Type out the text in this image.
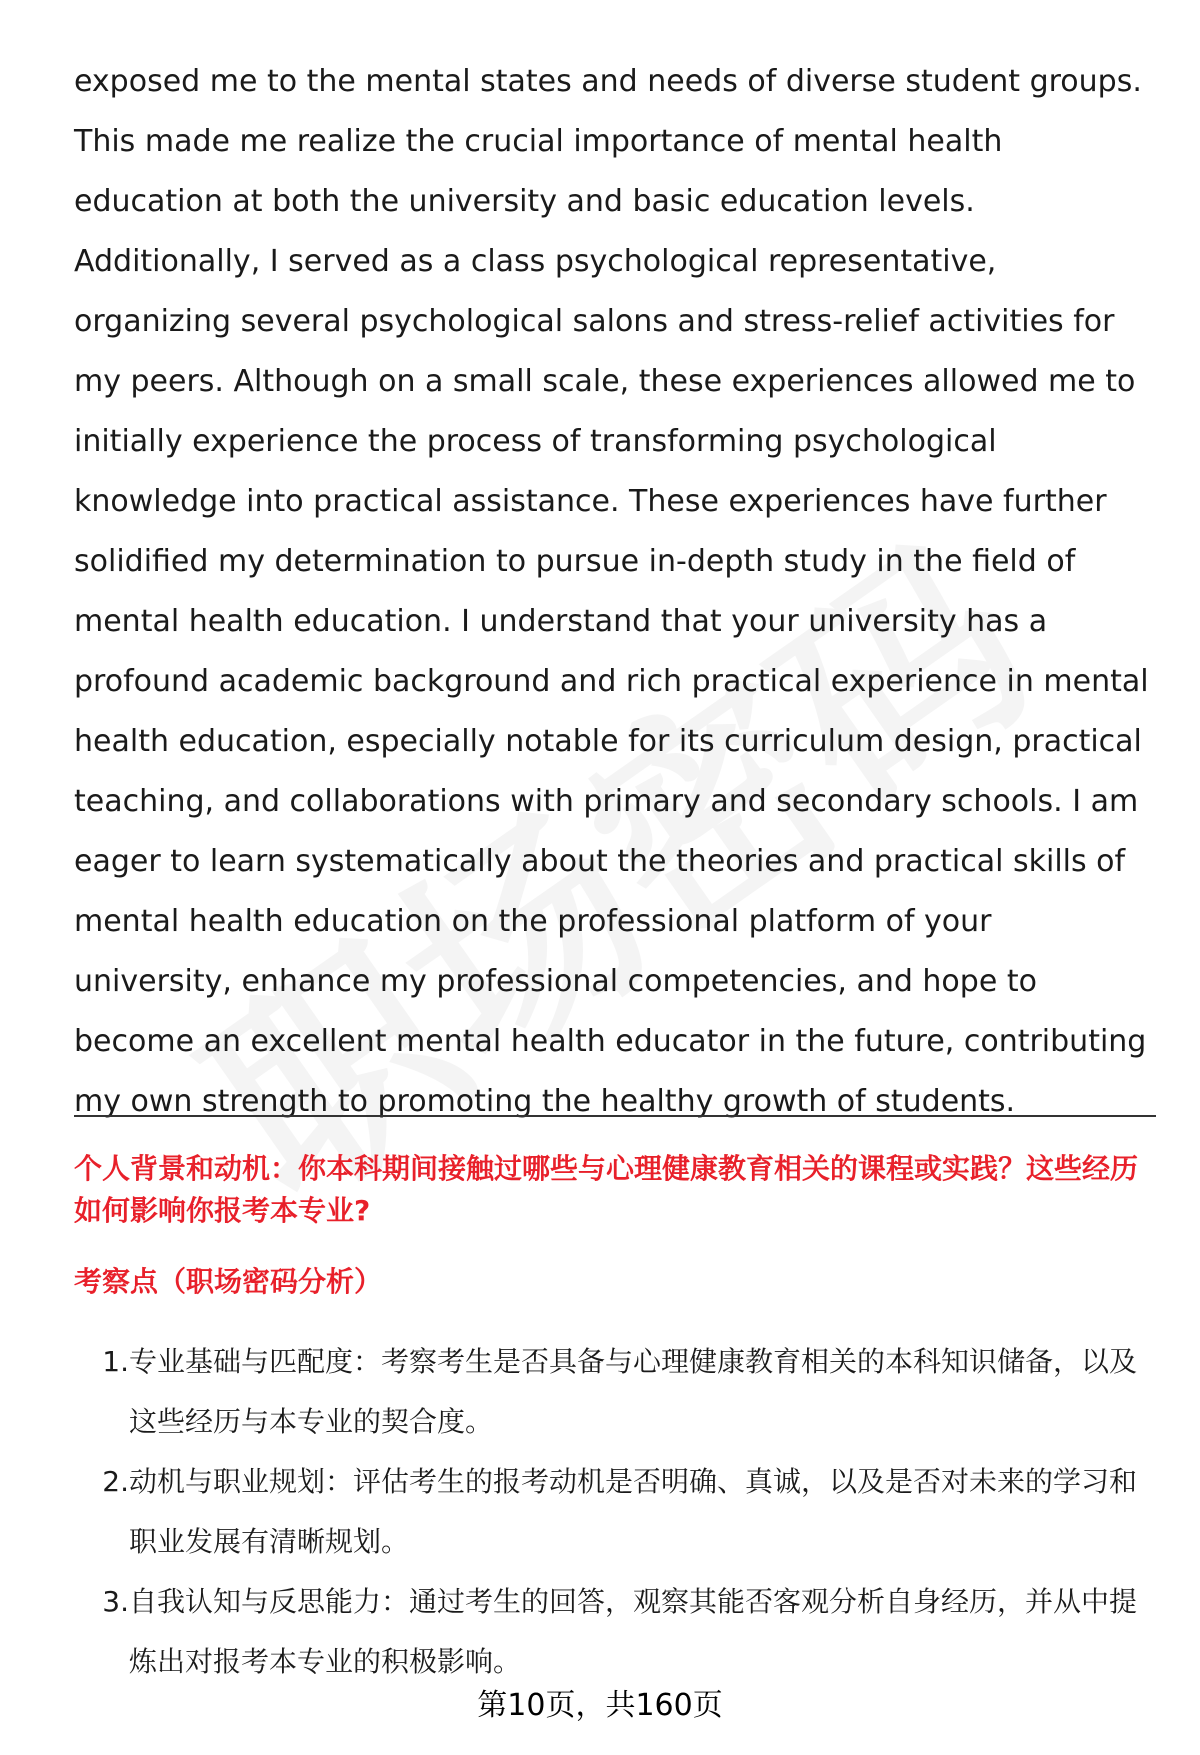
exposed me to the mental states and needs of diverse student groups. This made me realize the crucial importance of mental health education at both the university and basic education levels. Additionally, I served as a class psychological representative, organizing several psychological salons and stress-relief activities for my peers. Although on a small scale, these experiences allowed me to initially experience the process of transforming psychological knowledge into practical assistance. These experiences have further solidified my determination to pursue in-depth study in the field of mental health education. I understand that your university has a profound academic background and rich practical experience in mental health education, especially notable for its curriculum design, practical teaching, and collaborations with primary and secondary schools. I am eager to learn systematically about the theories and practical skills of mental health education on the professional platform of your university, enhance my professional competencies, and hope to become an excellent mental health educator in the future, contributing my own strength to promoting the healthy growth of students.

个人背景和动机：你本科期间接触过哪些与心理健康教育相关的课程或实践？这些经历如何影响你报考本专业?

考察点（职场密码分析）

1. 专业基础与匹配度：考察考生是否具备与心理健康教育相关的本科知识储备，以及这些经历与本专业的契合度。
2. 动机与职业规划：评估考生的报考动机是否明确、真诚，以及是否对未来的学习和职业发展有清晰规划。
3. 自我认知与反思能力：通过考生的回答，观察其能否客观分析自身经历，并从中提炼出对报考本专业的积极影响。
第10页，共160页
